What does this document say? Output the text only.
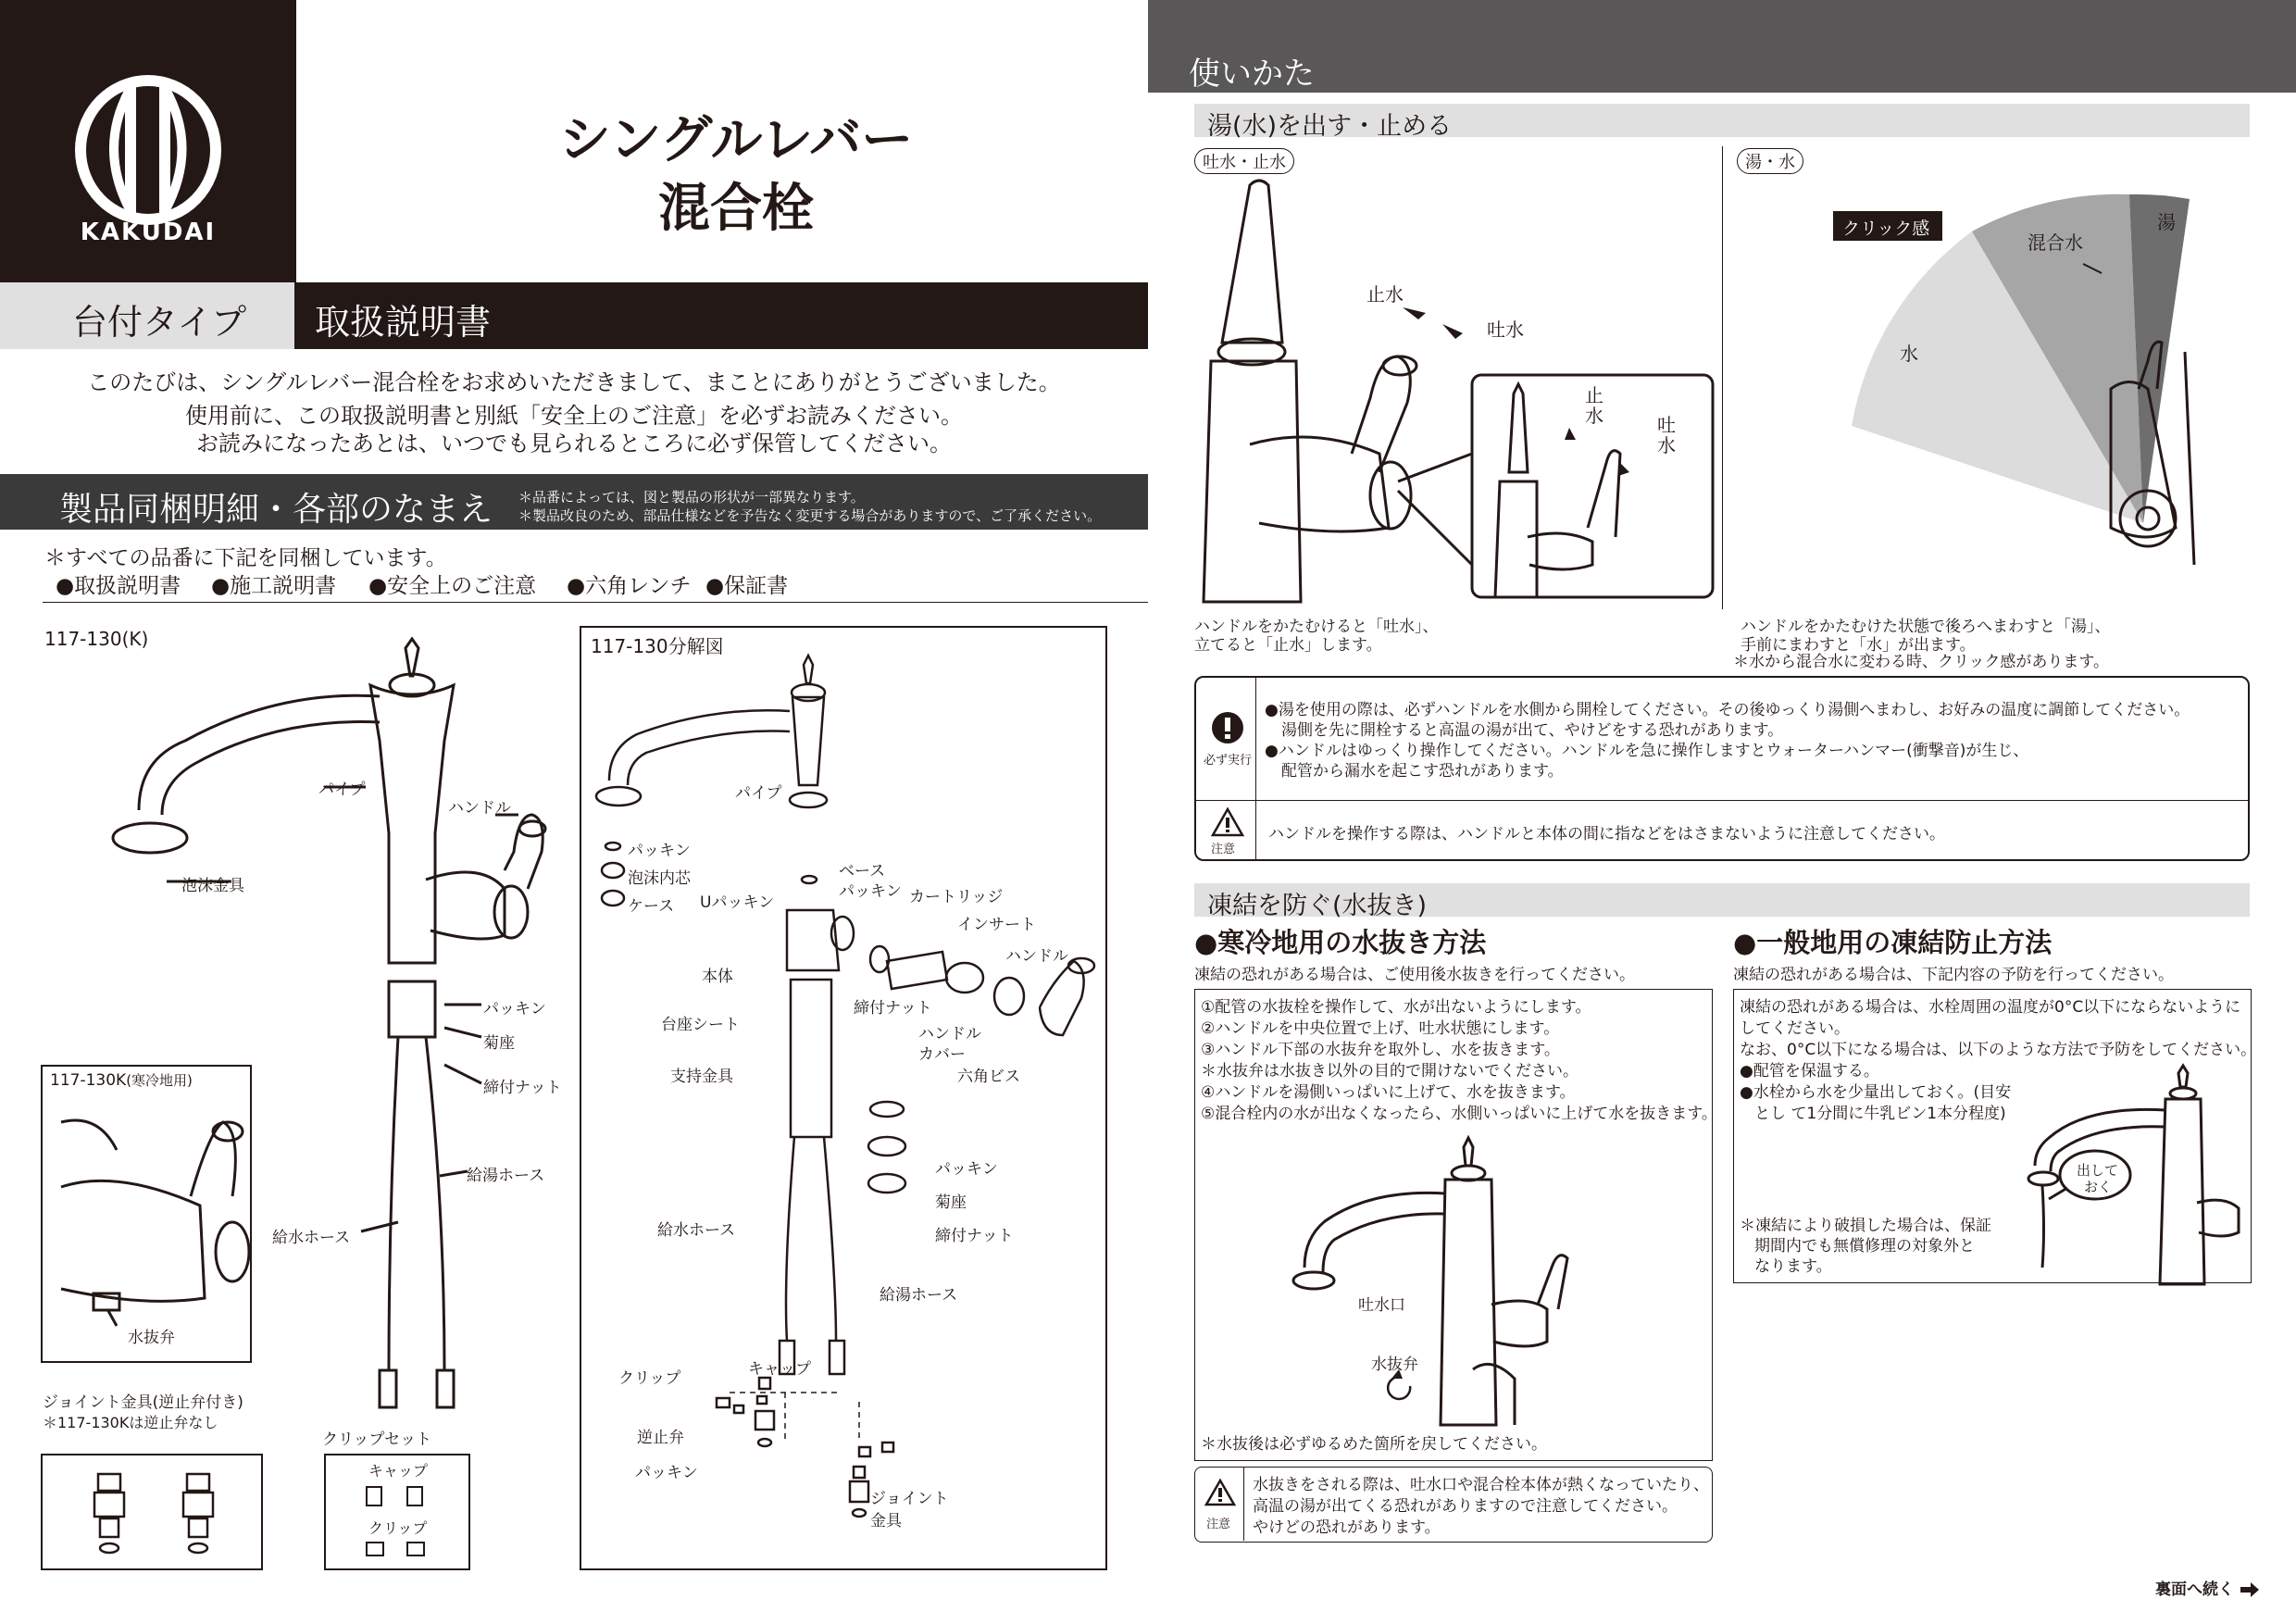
KAKUDAI
シングルレバー
混合栓
台付タイプ 取扱説明書
このたびは、シングルレバー混合栓をお求めいただきまして、まことにありがとうございました。
使用前に、この取扱説明書と別紙「安全上のご注意」を必ずお読みください。
お読みになったあとは、いつでも見られるところに必ず保管してください。
製品同梱明細・各部のなまえ ＊品番によっては、図と製品の形状が一部異なります。
＊製品改良のため、部品仕様などを予告なく変更する場合がありますので、ご了承ください。
＊すべての品番に下記を同梱しています。
●取扱説明書 ●施工説明書 ●安全上のご注意 ●六角レンチ ●保証書
117-130(K)
パイプ
ハンドル
泡沫金具
パッキン
菊座
締付ナット
給湯ホース
給水ホース
117-130K(寒冷地用)
水抜弁
ジョイント金具(逆止弁付き)
＊117-130Kは逆止弁なし
クリップセット
キャップ
クリップ
117-130分解図
パイプ
パッキン
泡沫内芯
ケース Uパッキン
ベース
パッキン カートリッジ
インサート
ハンドル
本体
締付ナット
ハンドル
カバー
台座シート
支持金具	六角ビス
パッキン
菊座
締付ナット
給水ホース
給湯ホース
クリップ	キャップ
逆止弁
パッキン
ジョイント
金具
使いかた
湯(水)を出す・止める
吐水・止水	湯・水
止水
吐水
止水	吐水
クリック感
混合水
湯
水
ハンドルをかたむけると「吐水」、
立てると「止水」します。
ハンドルをかたむけた状態で後ろへまわすと「湯」、
手前にまわすと「水」が出ます。
＊水から混合水に変わる時、クリック感があります。
必ず実行
●湯を使用の際は、必ずハンドルを水側から開栓してください。その後ゆっくり湯側へまわし、お好みの温度に調節してください。
湯側を先に開栓すると高温の湯が出て、やけどをする恐れがあります。
●ハンドルはゆっくり操作してください。ハンドルを急に操作しますとウォーターハンマー(衝撃音)が生じ、
配管から漏水を起こす恐れがあります。
注意
ハンドルを操作する際は、ハンドルと本体の間に指などをはさまないように注意してください。
凍結を防ぐ(水抜き)
●寒冷地用の水抜き方法
凍結の恐れがある場合は、ご使用後水抜きを行ってください。
①配管の水抜栓を操作して、水が出ないようにします。
②ハンドルを中央位置で上げ、吐水状態にします。
③ハンドル下部の水抜弁を取外し、水を抜きます。
＊水抜弁は水抜き以外の目的で開けないでください。
④ハンドルを湯側いっぱいに上げて、水を抜きます。
⑤混合栓内の水が出なくなったら、水側いっぱいに上げて水を抜きます。
吐水口
水抜弁
＊水抜後は必ずゆるめた箇所を戻してください。
注意
水抜きをされる際は、吐水口や混合栓本体が熱くなっていたり、
高温の湯が出てくる恐れがありますので注意してください。
やけどの恐れがあります。
●一般地用の凍結防止方法
凍結の恐れがある場合は、下記内容の予防を行ってください。
凍結の恐れがある場合は、水栓周囲の温度が0°C以下にならないように
してください。
なお、0°C以下になる場合は、以下のような方法で予防をしてください。
●配管を保温する。
●水栓から水を少量出しておく。(目安
とし て1分間に牛乳ビン1本分程度)
出して
おく
＊凍結により破損した場合は、保証
期間内でも無償修理の対象外と
なります。
裏面へ続く
